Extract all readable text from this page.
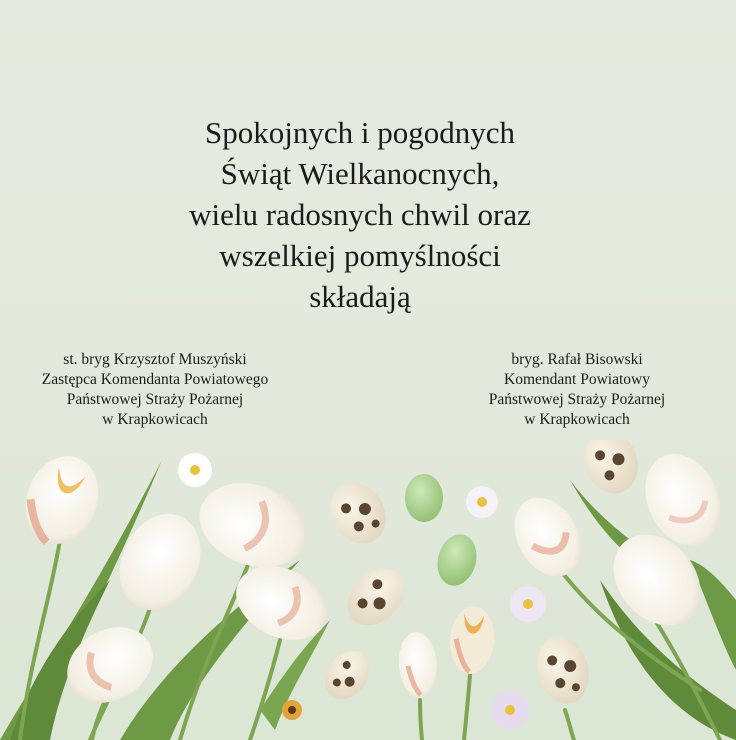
Spokojnych i pogodnych
Świąt Wielkanocnych,
wielu radosnych chwil oraz
wszelkiej pomyślności
składają
st. bryg Krzysztof Muszyński
Zastępca Komendanta Powiatowego
Państwowej Straży Pożarnej
w Krapkowicach
bryg. Rafał Bisowski
Komendant Powiatowy
Państwowej Straży Pożarnej
w Krapkowicach
